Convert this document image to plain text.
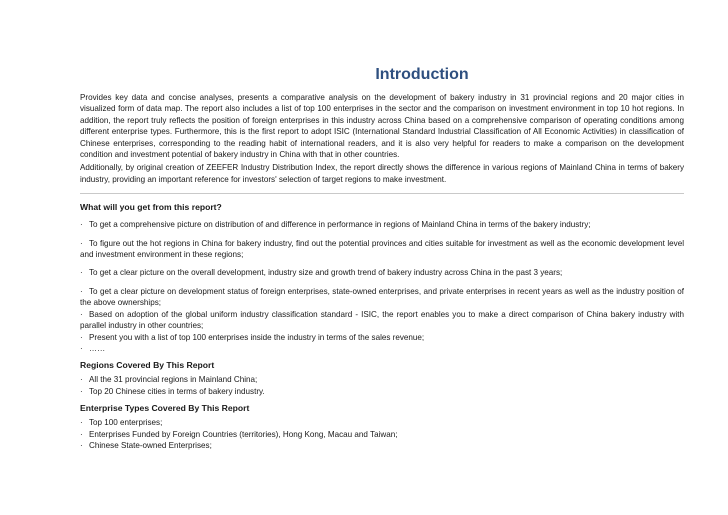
Introduction

Provides key data and concise analyses, presents a comparative analysis on the development of bakery industry in 31 provincial regions and 20 major cities in visualized form of data map. The report also includes a list of top 100 enterprises in the sector and the comparison on investment environment in top 10 hot regions. In addition, the report truly reflects the position of foreign enterprises in this industry across China based on a comprehensive comparison of operating conditions among different enterprise types. Furthermore, this is the first report to adopt ISIC (International Standard Industrial Classification of All Economic Activities) in classification of Chinese enterprises, corresponding to the reading habit of international readers, and it is also very helpful for readers to make a comparison on the development condition and investment potential of bakery industry in China with that in other countries.

Additionally, by original creation of ZEEFER Industry Distribution Index, the report directly shows the difference in various regions of Mainland China in terms of bakery industry, providing an important reference for investors' selection of target regions to make investment.

What will you get from this report?
· To get a comprehensive picture on distribution of and difference in performance in regions of Mainland China in terms of the bakery industry;
· To figure out the hot regions in China for bakery industry, find out the potential provinces and cities suitable for investment as well as the economic development level and investment environment in these regions;
· To get a clear picture on the overall development, industry size and growth trend of bakery industry across China in the past 3 years;
· To get a clear picture on development status of foreign enterprises, state-owned enterprises, and private enterprises in recent years as well as the industry position of the above ownerships;
· Based on adoption of the global uniform industry classification standard - ISIC, the report enables you to make a direct comparison of China bakery industry with parallel industry in other countries;
· Present you with a list of top 100 enterprises inside the industry in terms of the sales revenue;
· ……
Regions Covered By This Report
· All the 31 provincial regions in Mainland China;
· Top 20 Chinese cities in terms of bakery industry.
Enterprise Types Covered By This Report
· Top 100 enterprises;
· Enterprises Funded by Foreign Countries (territories), Hong Kong, Macau and Taiwan;
· Chinese State-owned Enterprises;
